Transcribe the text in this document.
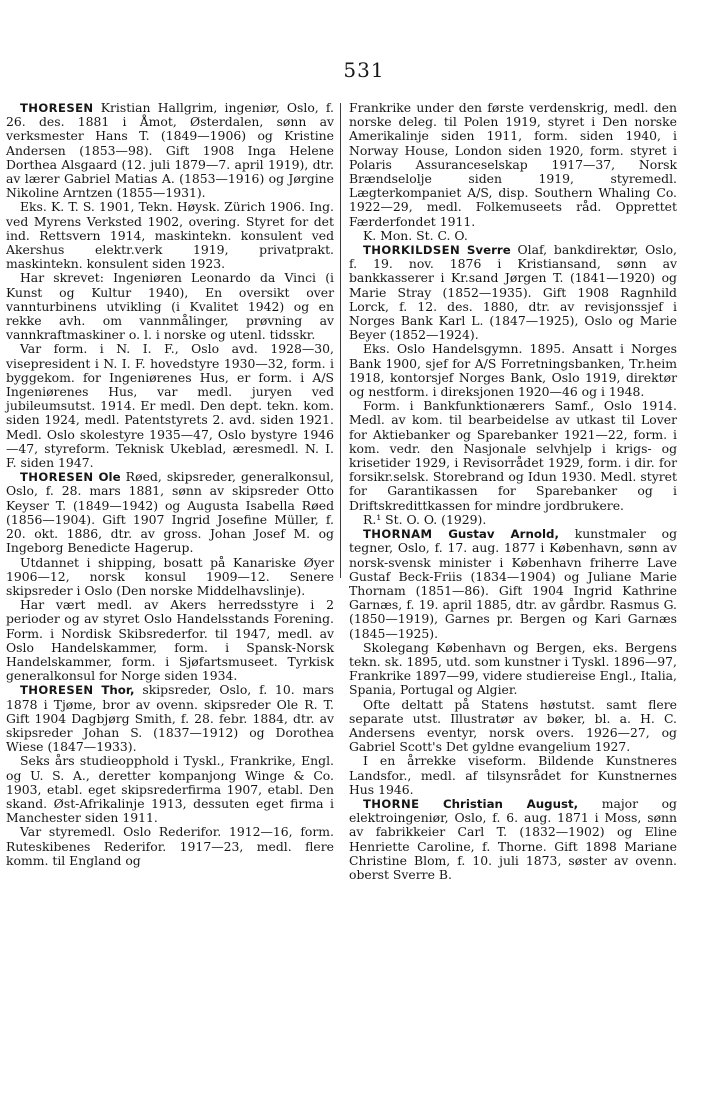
531

THORESEN Kristian Hallgrim, ingeniør, Oslo, f. 26. des. 1881 i Åmot, Østerdalen, sønn av verksmester Hans T. (1849—1906) og Kristine Andersen (1853—98). Gift 1908 Inga Helene Dorthea Alsgaard (12. juli 1879—7. april 1919), dtr. av lærer Gabriel Matias A. (1853—1916) og Jørgine Nikoline Arntzen (1855—1931).

Eks. K. T. S. 1901, Tekn. Høysk. Zürich 1906. Ing. ved Myrens Verksted 1902, overing. Styret for det ind. Rettsvern 1914, maskintekn. konsulent ved Akershus elektr.verk 1919, privatprakt. maskintekn. konsulent siden 1923.

Har skrevet: Ingeniøren Leonardo da Vinci (i Kunst og Kultur 1940), En oversikt over vannturbinens utvikling (i Kvalitet 1942) og en rekke avh. om vannmålinger, prøvning av vannkraftmaskiner o. l. i norske og utenl. tidsskr.

Var form. i N. I. F., Oslo avd. 1928—30, visepresident i N. I. F. hovedstyre 1930—32, form. i byggekom. for Ingeniørenes Hus, er form. i A/S Ingeniørenes Hus, var medl. juryen ved jubileumsutst. 1914. Er medl. Den dept. tekn. kom. siden 1924, medl. Patentstyrets 2. avd. siden 1921. Medl. Oslo skolestyre 1935—47, Oslo bystyre 1946—47, styreform. Teknisk Ukeblad, æresmedl. N. I. F. siden 1947.

THORESEN Ole Røed, skipsreder, generalkonsul, Oslo, f. 28. mars 1881, sønn av skipsreder Otto Keyser T. (1849—1942) og Augusta Isabella Røed (1856—1904). Gift 1907 Ingrid Josefine Müller, f. 20. okt. 1886, dtr. av gross. Johan Josef M. og Ingeborg Benedicte Hagerup.

Utdannet i shipping, bosatt på Kanariske Øyer 1906—12, norsk konsul 1909—12. Senere skipsreder i Oslo (Den norske Middelhavslinje).

Har vært medl. av Akers herredsstyre i 2 perioder og av styret Oslo Handelsstands Forening. Form. i Nordisk Skibsrederfor. til 1947, medl. av Oslo Handelskammer, form. i Spansk-Norsk Handelskammer, form. i Sjøfartsmuseet. Tyrkisk generalkonsul for Norge siden 1934.

THORESEN Thor, skipsreder, Oslo, f. 10. mars 1878 i Tjøme, bror av ovenn. skipsreder Ole R. T. Gift 1904 Dagbjørg Smith, f. 28. febr. 1884, dtr. av skipsreder Johan S. (1837—1912) og Dorothea Wiese (1847—1933).

Seks års studieopphold i Tyskl., Frankrike, Engl. og U. S. A., deretter kompanjong Winge & Co. 1903, etabl. eget skipsrederfirma 1907, etabl. Den skand. Øst-Afrikalinje 1913, dessuten eget firma i Manchester siden 1911.

Var styremedl. Oslo Rederifor. 1912—16, form. Ruteskibenes Rederifor. 1917—23, medl. flere komm. til England og

Frankrike under den første verdenskrig, medl. den norske deleg. til Polen 1919, styret i Den norske Amerikalinje siden 1911, form. siden 1940, i Norway House, London siden 1920, form. styret i Polaris Assuranceselskap 1917—37, Norsk Brændselolje siden 1919, styremedl. Lægterkompaniet A/S, disp. Southern Whaling Co. 1922—29, medl. Folkemuseets råd. Opprettet Færderfondet 1911.

K. Mon. St. C. O.

THORKILDSEN Sverre Olaf, bankdirektør, Oslo, f. 19. nov. 1876 i Kristiansand, sønn av bankkasserer i Kr.sand Jørgen T. (1841—1920) og Marie Stray (1852—1935). Gift 1908 Ragnhild Lorck, f. 12. des. 1880, dtr. av revisjonssjef i Norges Bank Karl L. (1847—1925), Oslo og Marie Beyer (1852—1924).

Eks. Oslo Handelsgymn. 1895. Ansatt i Norges Bank 1900, sjef for A/S Forretningsbanken, Tr.heim 1918, kontorsjef Norges Bank, Oslo 1919, direktør og nestform. i direksjonen 1920—46 og i 1948.

Form. i Bankfunktionærers Samf., Oslo 1914. Medl. av kom. til bearbeidelse av utkast til Lover for Aktiebanker og Sparebanker 1921—22, form. i kom. vedr. den Nasjonale selvhjelp i krigs- og krisetider 1929, i Revisorrådet 1929, form. i dir. for forsikr.selsk. Storebrand og Idun 1930. Medl. styret for Garantikassen for Sparebanker og i Driftskredittkassen for mindre jordbrukere.

R.¹ St. O. O. (1929).

THORNAM Gustav Arnold, kunstmaler og tegner, Oslo, f. 17. aug. 1877 i København, sønn av norsk-svensk minister i København friherre Lave Gustaf Beck-Friis (1834—1904) og Juliane Marie Thornam (1851—86). Gift 1904 Ingrid Kathrine Garnæs, f. 19. april 1885, dtr. av gårdbr. Rasmus G. (1850—1919), Garnes pr. Bergen og Kari Garnæs (1845—1925).

Skolegang København og Bergen, eks. Bergens tekn. sk. 1895, utd. som kunstner i Tyskl. 1896—97, Frankrike 1897—99, videre studiereise Engl., Italia, Spania, Portugal og Algier.

Ofte deltatt på Statens høstutst. samt flere separate utst. Illustratør av bøker, bl. a. H. C. Andersens eventyr, norsk overs. 1926—27, og Gabriel Scott's Det gyldne evangelium 1927.

I en årrekke viseform. Bildende Kunstneres Landsfor., medl. af tilsynsrådet for Kunstnernes Hus 1946.

THORNE Christian August, major og elektroingeniør, Oslo, f. 6. aug. 1871 i Moss, sønn av fabrikkeier Carl T. (1832—1902) og Eline Henriette Caroline, f. Thorne. Gift 1898 Mariane Christine Blom, f. 10. juli 1873, søster av ovenn. oberst Sverre B.
